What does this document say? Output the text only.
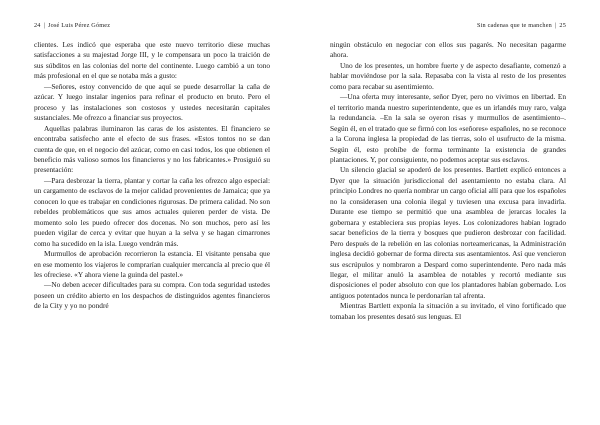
24 | José Luis Pérez Gómez

clientes. Les indicó que esperaba que este nuevo territorio diese muchas satisfacciones a su majestad Jorge III, y le compensara un poco la traición de sus súbditos en las colonias del norte del continente. Luego cambió a un tono más profesional en el que se notaba más a gusto:

—Señores, estoy convencido de que aquí se puede desarrollar la caña de azúcar. Y luego instalar ingenios para refinar el producto en bruto. Pero el proceso y las instalaciones son costosos y ustedes necesitarán capitales sustanciales. Me ofrezco a financiar sus proyectos.

Aquellas palabras iluminaron las caras de los asistentes. El financiero se encontraba satisfecho ante el efecto de sus frases. «Estos tontos no se dan cuenta de que, en el negocio del azúcar, como en casi todos, los que obtienen el beneficio más valioso somos los financieros y no los fabricantes.» Prosiguió su presentación:

—Para desbrozar la tierra, plantar y cortar la caña les ofrezco algo especial: un cargamento de esclavos de la mejor calidad provenientes de Jamaica; que ya conocen lo que es trabajar en condiciones rigurosas. De primera calidad. No son rebeldes problemáticos que sus amos actuales quieren perder de vista. De momento solo les puedo ofrecer dos docenas. No son muchos, pero así les pueden vigilar de cerca y evitar que huyan a la selva y se hagan cimarrones como ha sucedido en la isla. Luego vendrán más.

Murmullos de aprobación recorrieron la estancia. El visitante pensaba que en ese momento los viajeros le comprarían cualquier mercancía al precio que él les ofreciese. «Y ahora viene la guinda del pastel.»

—No deben acecer dificultades para su compra. Con toda seguridad ustedes poseen un crédito abierto en los despachos de distinguidos agentes financieros de la City y yo no pondré

Sin cadenas que te manchen | 25

ningún obstáculo en negociar con ellos sus pagarés. No necesitan pagarme ahora.

Uno de los presentes, un hombre fuerte y de aspecto desafiante, comenzó a hablar moviéndose por la sala. Repasaba con la vista al resto de los presentes como para recabar su asentimiento.

—Una oferta muy interesante, señor Dyer, pero no vivimos en libertad. En el territorio manda nuestro superintendente, que es un irlandés muy raro, valga la redundancia. –En la sala se oyeron risas y murmullos de asentimiento–. Según él, en el tratado que se firmó con los «señores» españoles, no se reconoce a la Corona inglesa la propiedad de las tierras, solo el usufructo de la misma. Según él, esto prohíbe de forma terminante la existencia de grandes plantaciones. Y, por consiguiente, no podemos aceptar sus esclavos.

Un silencio glacial se apoderó de los presentes. Bartlett explicó entonces a Dyer que la situación jurisdiccional del asentamiento no estaba clara. Al principio Londres no quería nombrar un cargo oficial allí para que los españoles no la considerasen una colonia ilegal y tuviesen una excusa para invadirla. Durante ese tiempo se permitió que una asamblea de jerarcas locales la gobernara y estableciera sus propias leyes. Los colonizadores habían logrado sacar beneficios de la tierra y bosques que pudieron desbrozar con facilidad. Pero después de la rebelión en las colonias norteamericanas, la Administración inglesa decidió gobernar de forma directa sus asentamientos. Así que vencieron sus escrúpulos y nombraron a Despard como superintendente. Pero nada más llegar, el militar anuló la asamblea de notables y recortó mediante sus disposiciones el poder absoluto con que los plantadores habían gobernado. Los antiguos potentados nunca le perdonarían tal afrenta.

Mientras Bartlett exponía la situación a su invitado, el vino fortificado que tomaban los presentes desató sus lenguas. El
